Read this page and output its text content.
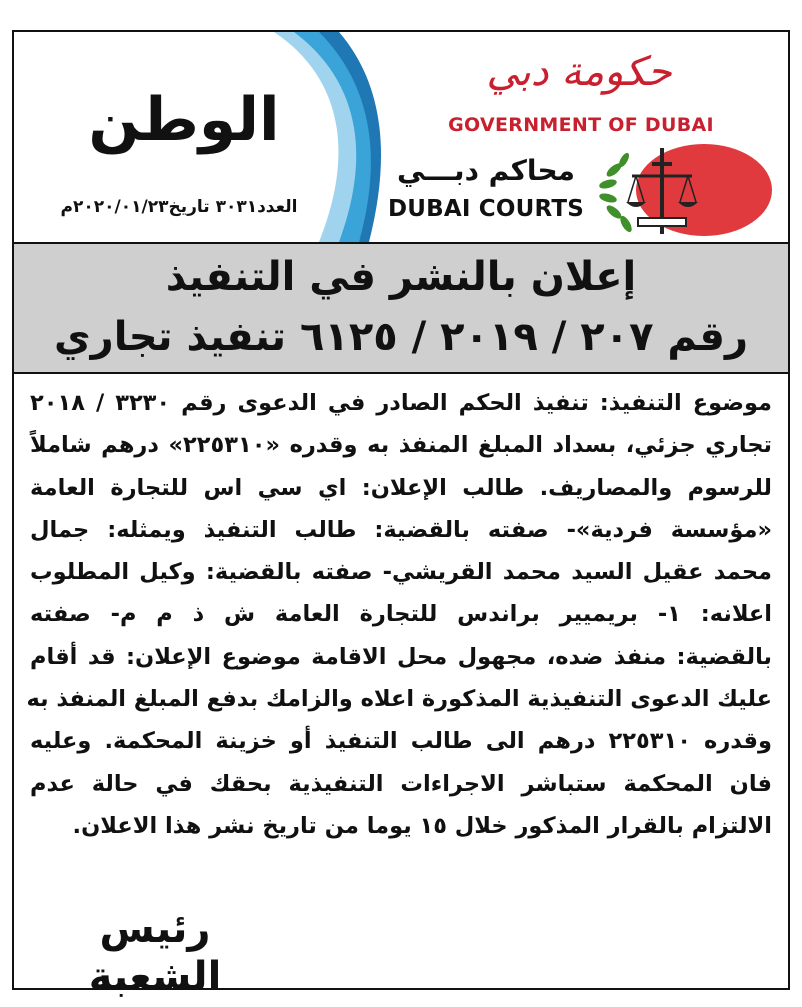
الوطن
العدد٣٠٣١ تاريخ٢٠٢٠/٠١/٢٣م
حكومة دبي
GOVERNMENT OF DUBAI
محاكم دبـــي
DUBAI COURTS
إعلان بالنشر في التنفيذ
رقم ٢٠٧ / ٢٠١٩ / ٦١٢٥ تنفيذ تجاري
موضوع التنفيذ: تنفيذ الحكم الصادر في الدعوى رقم ٣٢٣٠ / ٢٠١٨
تجاري جزئي، بسداد المبلغ المنفذ به وقدره «٢٢٥٣١٠» درهم شاملاً
للرسوم والمصاريف. طالب الإعلان: اي سي اس للتجارة العامة
«مؤسسة فردية»- صفته بالقضية: طالب التنفيذ ويمثله: جمال
محمد عقيل السيد محمد القريشي- صفته بالقضية: وكيل المطلوب
اعلانه: ١- بريميير براندس للتجارة العامة ش ذ م م- صفته
بالقضية: منفذ ضده، مجهول محل الاقامة موضوع الإعلان: قد أقام
عليك الدعوى التنفيذية المذكورة اعلاه والزامك بدفع المبلغ المنفذ به
وقدره ٢٢٥٣١٠ درهم الى طالب التنفيذ أو خزينة المحكمة. وعليه
فان المحكمة ستباشر الاجراءات التنفيذية بحقك في حالة عدم
الالتزام بالقرار المذكور خلال ١٥ يوما من تاريخ نشر هذا الاعلان.
رئيس الشعبة
